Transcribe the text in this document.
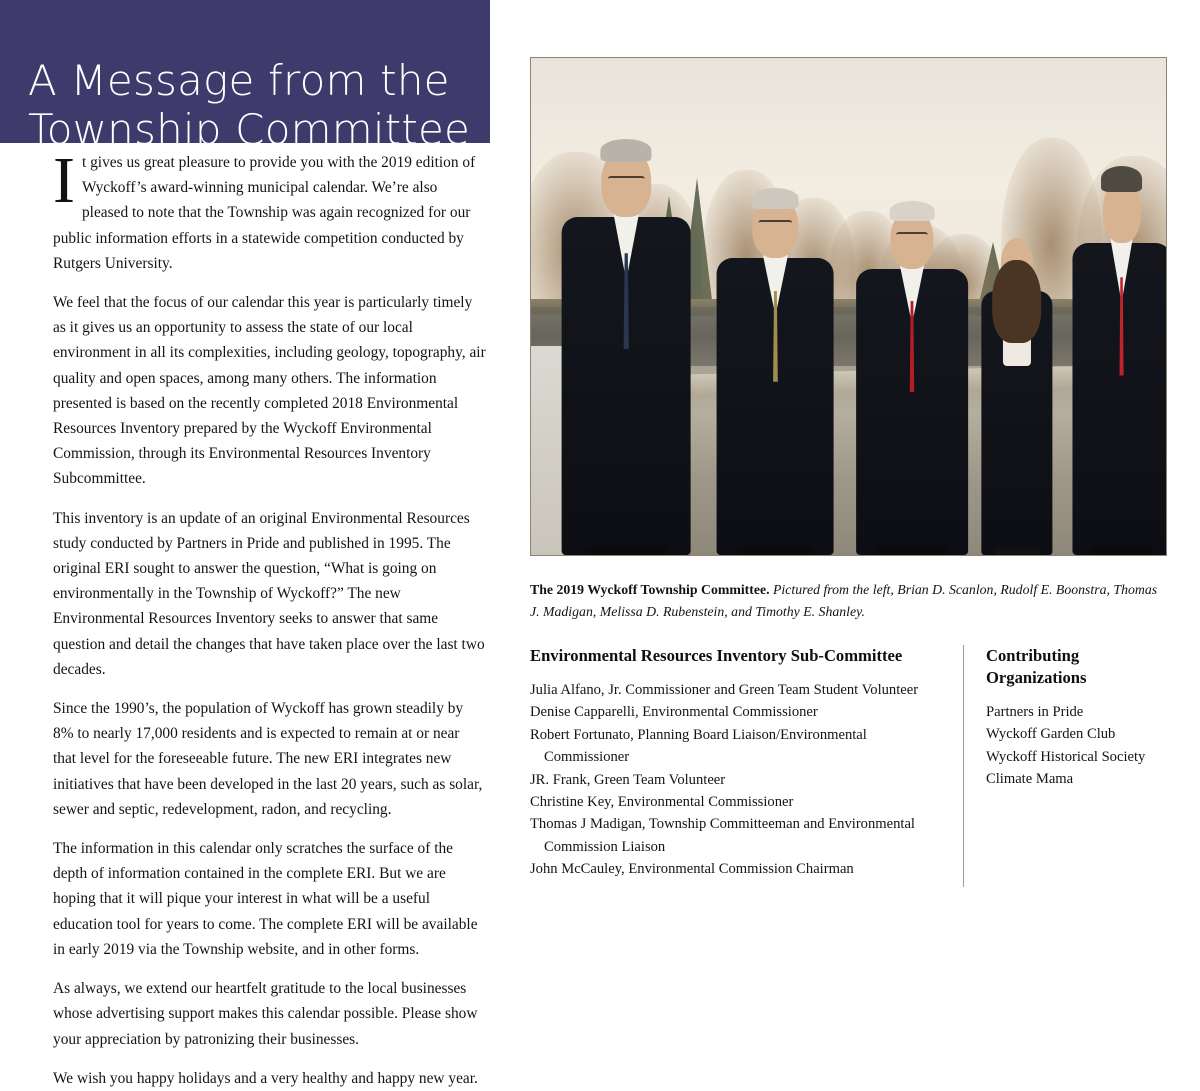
A Message from the
Township Committee

It gives us great pleasure to provide you with the 2019 edition of Wyckoff’s award-winning municipal calendar. We’re also pleased to note that the Township was again recognized for our public information efforts in a statewide competition conducted by Rutgers University.

We feel that the focus of our calendar this year is particularly timely as it gives us an opportunity to assess the state of our local environment in all its complexities, including geology, topography, air quality and open spaces, among many others. The information presented is based on the recently completed 2018 Environmental Resources Inventory prepared by the Wyckoff Environmental Commission, through its Environmental Resources Inventory Subcommittee.

This inventory is an update of an original Environmental Resources study conducted by Partners in Pride and published in 1995. The original ERI sought to answer the question, “What is going on environmentally in the Township of Wyckoff?” The new Environmental Resources Inventory seeks to answer that same question and detail the changes that have taken place over the last two decades.

Since the 1990’s, the population of Wyckoff has grown steadily by 8% to nearly 17,000 residents and is expected to remain at or near that level for the foreseeable future. The new ERI integrates new initiatives that have been developed in the last 20 years, such as solar, sewer and septic, redevelopment, radon, and recycling.

The information in this calendar only scratches the surface of the depth of information contained in the complete ERI. But we are hoping that it will pique your interest in what will be a useful education tool for years to come. The complete ERI will be available in early 2019 via the Township website, and in other forms.

As always, we extend our heartfelt gratitude to the local businesses whose advertising support makes this calendar possible. Please show your appreciation by patronizing their businesses.

We wish you happy holidays and a very healthy and happy new year.

The 2019 Wyckoff Township Committee. Pictured from the left, Brian D. Scanlon, Rudolf E. Boonstra, Thomas J. Madigan, Melissa D. Rubenstein, and Timothy E. Shanley.

Environmental Resources Inventory Sub-Committee
Julia Alfano, Jr. Commissioner and Green Team Student Volunteer
Denise Capparelli, Environmental Commissioner
Robert Fortunato, Planning Board Liaison/Environmental Commissioner
JR. Frank, Green Team Volunteer
Christine Key, Environmental Commissioner
Thomas J Madigan, Township Committeeman and Environmental Commission Liaison
John McCauley, Environmental Commission Chairman
Contributing
Organizations
Partners in Pride
Wyckoff Garden Club
Wyckoff Historical Society
Climate Mama
